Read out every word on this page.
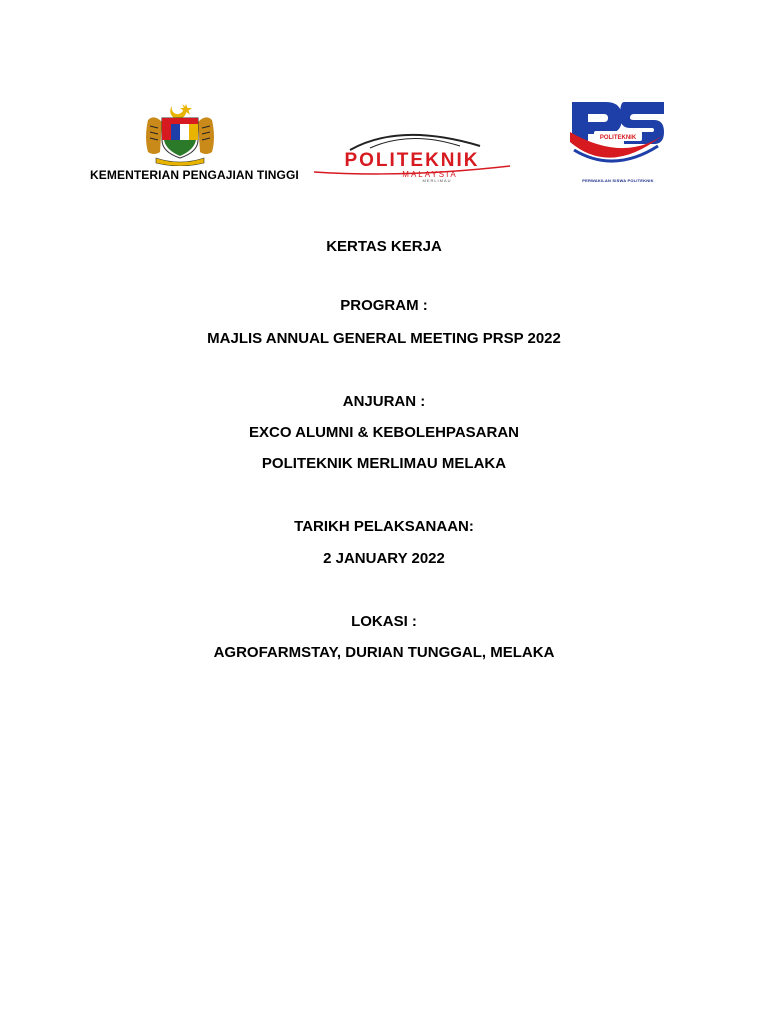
KEMENTERIAN PENGAJIAN TINGGI
POLITEKNIK
MALAYSIA
MERLIMAU
POLITEKNIK
PERWAKILAN SISWA POLITEKNIK
KERTAS KERJA
PROGRAM :
MAJLIS ANNUAL GENERAL MEETING PRSP 2022
ANJURAN :
EXCO ALUMNI & KEBOLEHPASARAN
POLITEKNIK MERLIMAU MELAKA
TARIKH PELAKSANAAN:
2 JANUARY 2022
LOKASI :
AGROFARMSTAY, DURIAN TUNGGAL, MELAKA
